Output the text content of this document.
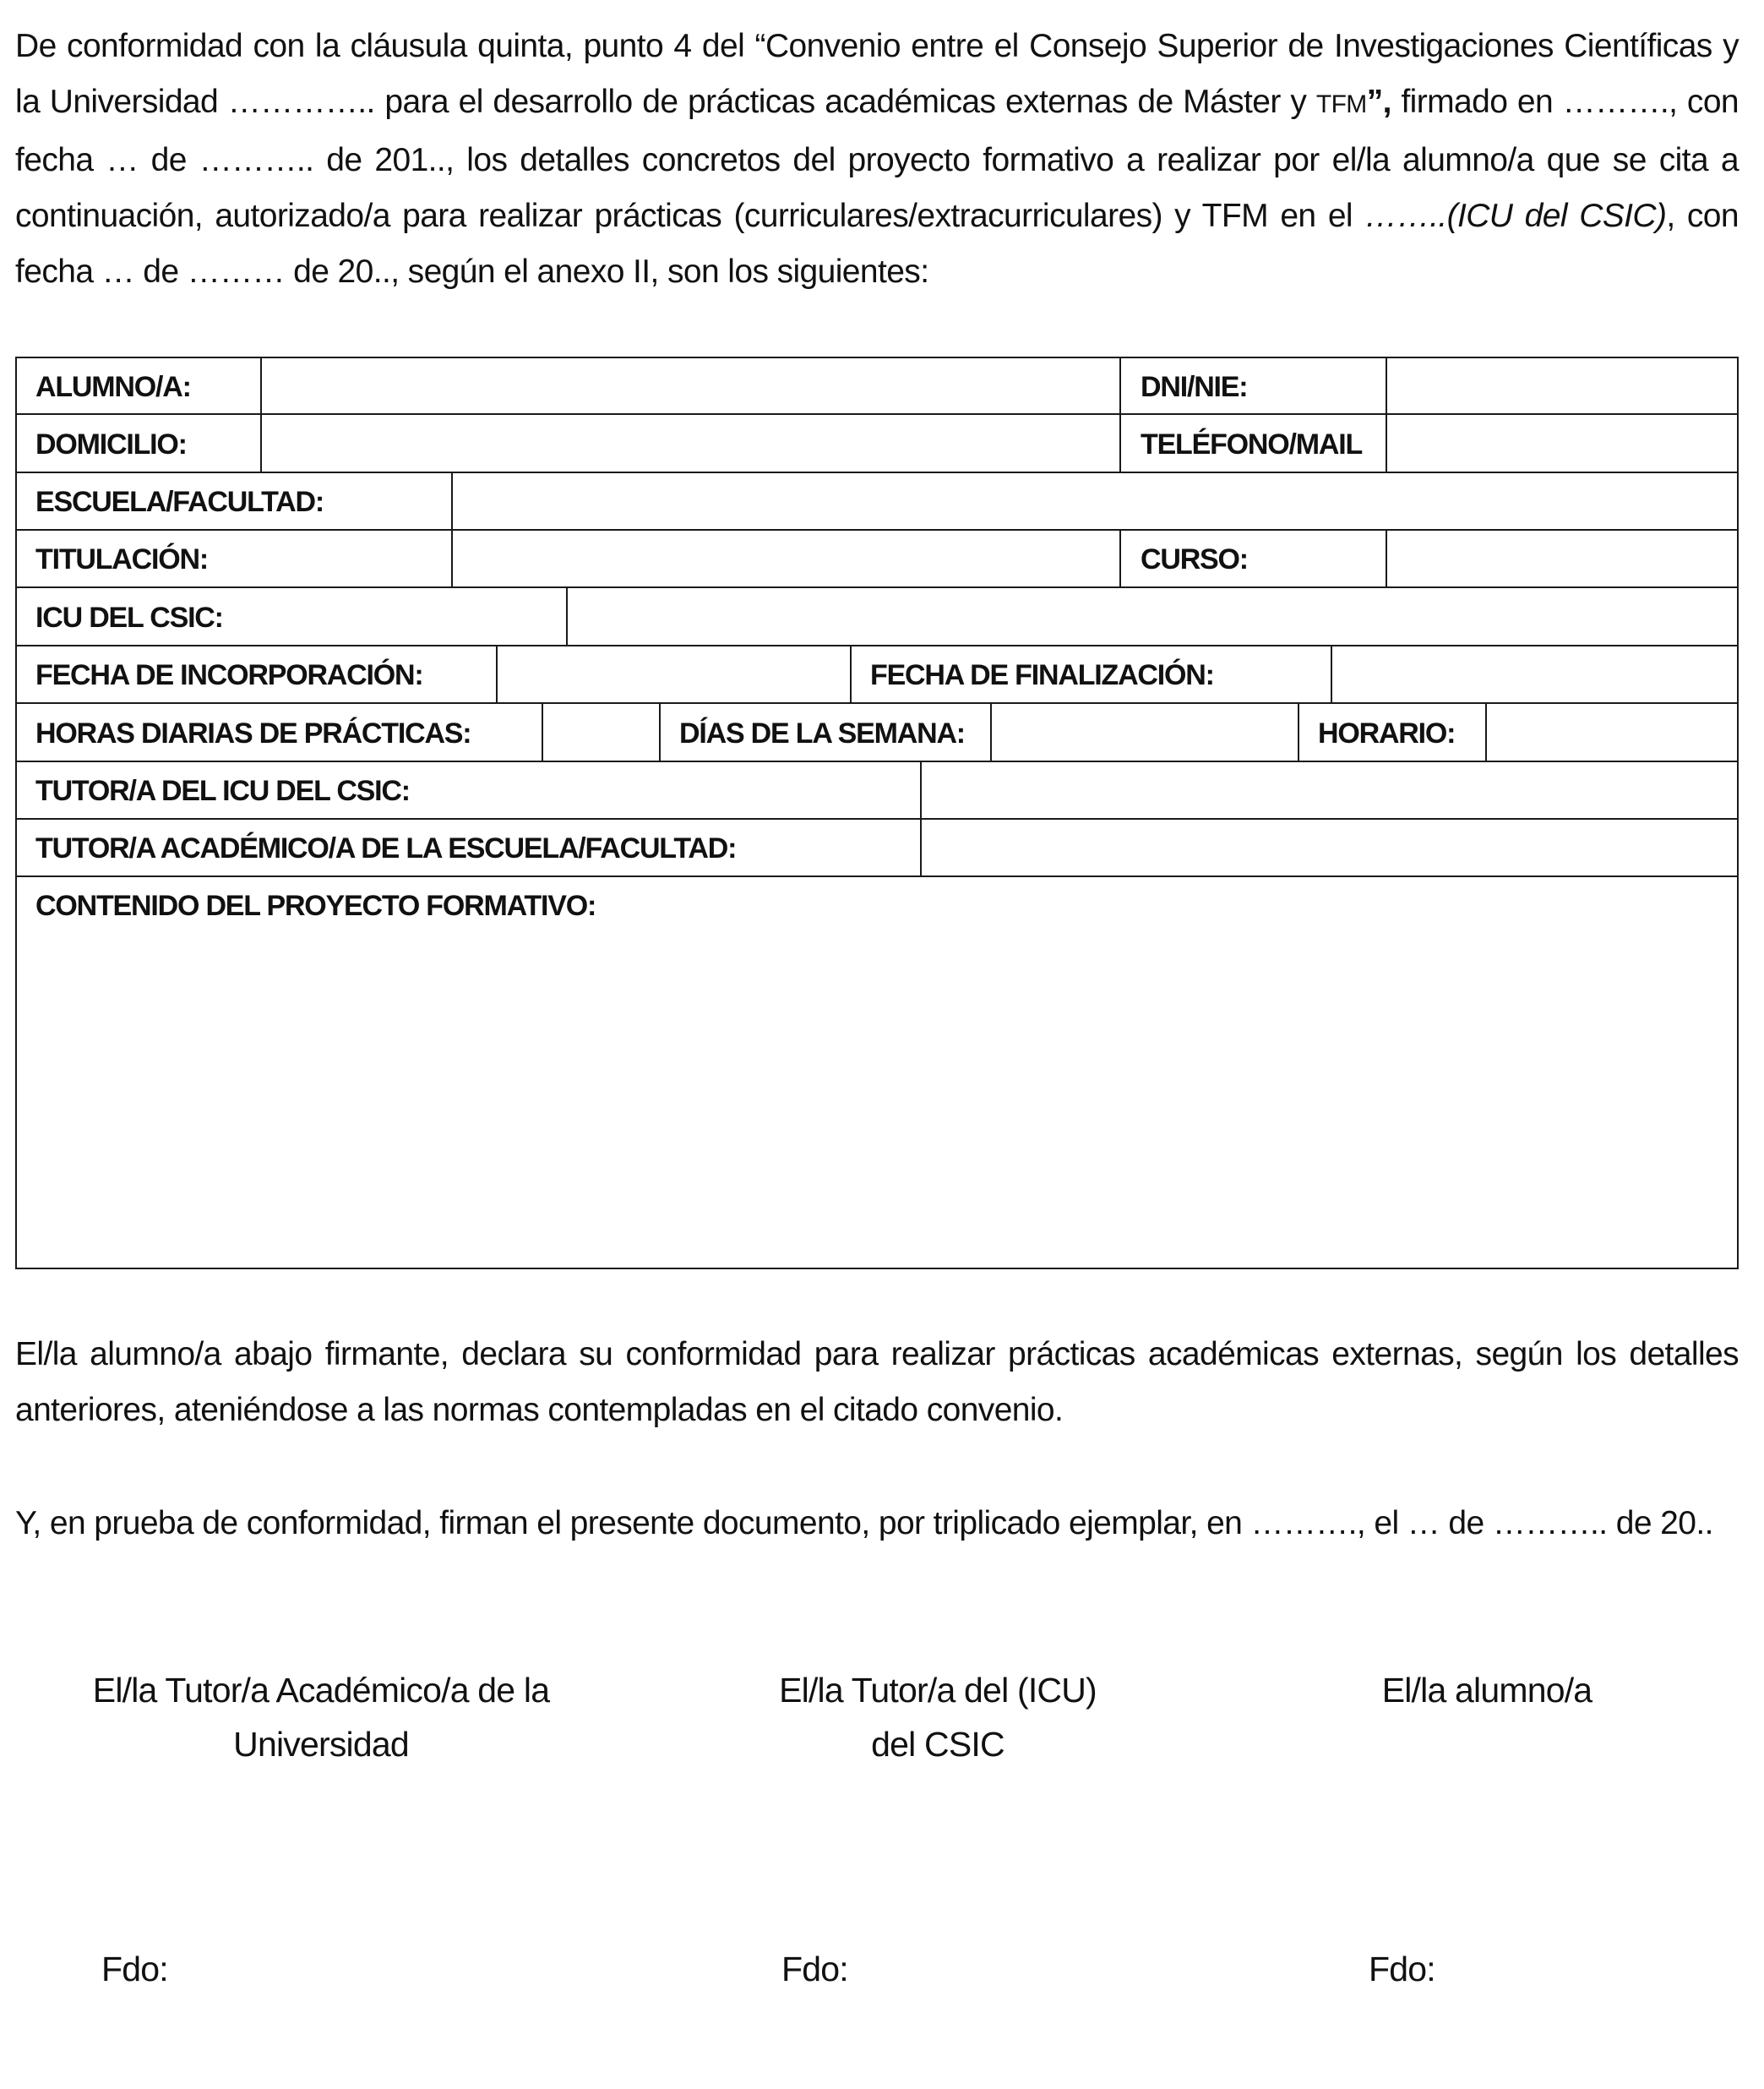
De conformidad con la cláusula quinta, punto 4 del “Convenio entre el Consejo Superior de Investigaciones Científicas y la Universidad ………….. para el desarrollo de prácticas académicas externas de Máster y TFM”, firmado en ………., con fecha … de ……….. de 201.., los detalles concretos del proyecto formativo a realizar por el/la alumno/a que se cita a continuación, autorizado/a para realizar prácticas (curriculares/extracurriculares) y TFM en el ……..(ICU del CSIC), con fecha … de ……… de 20.., según el anexo II, son los siguientes:
ALUMNO/A:	DNI/NIE:
DOMICILIO:	TELÉFONO/MAIL
ESCUELA/FACULTAD:
TITULACIÓN:	CURSO:
ICU DEL CSIC:
FECHA DE INCORPORACIÓN:	FECHA DE FINALIZACIÓN:
HORAS DIARIAS DE PRÁCTICAS:	DÍAS DE LA SEMANA:	HORARIO:
TUTOR/A DEL ICU DEL CSIC:
TUTOR/A ACADÉMICO/A DE LA ESCUELA/FACULTAD:
CONTENIDO DEL PROYECTO FORMATIVO:
El/la alumno/a abajo firmante, declara su conformidad para realizar prácticas académicas externas, según los detalles anteriores, ateniéndose a las normas contempladas en el citado convenio.
Y, en prueba de conformidad, firman el presente documento, por triplicado ejemplar, en ………., el … de ……….. de 20..
El/la Tutor/a Académico/a de la
Universidad
El/la Tutor/a del (ICU)
del CSIC
El/la alumno/a
Fdo:	Fdo:	Fdo:
